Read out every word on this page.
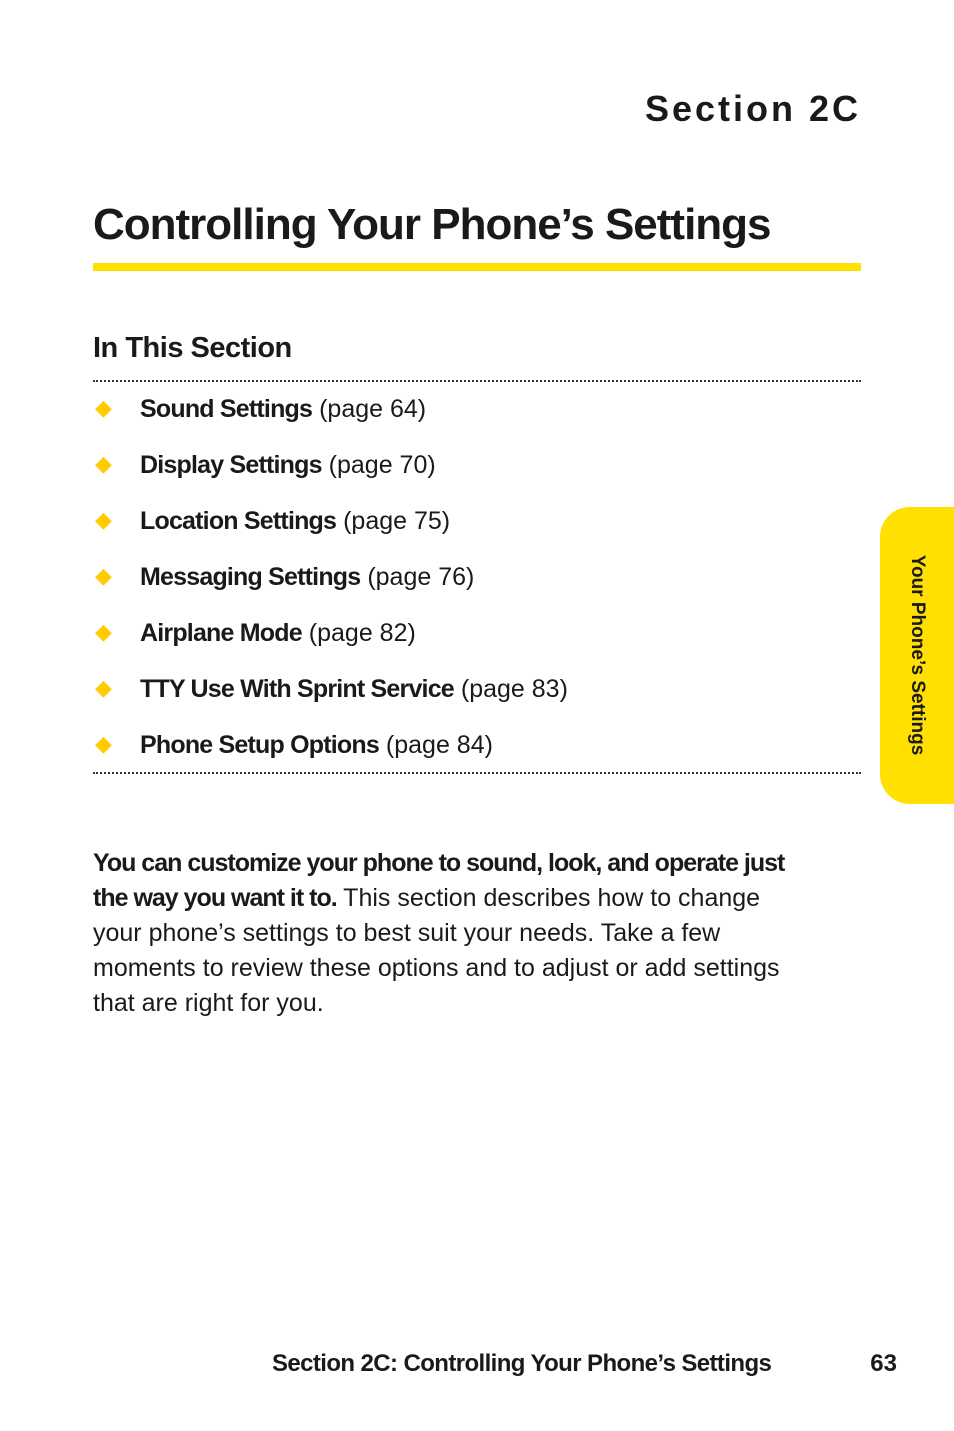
Section 2C
Controlling Your Phone’s Settings
In This Section
◆ Sound Settings (page 64)
◆ Display Settings (page 70)
◆ Location Settings (page 75)
◆ Messaging Settings (page 76)
◆ Airplane Mode (page 82)
◆ TTY Use With Sprint Service (page 83)
◆ Phone Setup Options (page 84)

You can customize your phone to sound, look, and operate just the way you want it to. This section describes how to change your phone’s settings to best suit your needs. Take a few moments to review these options and to adjust or add settings that are right for you.

Your Phone’s Settings
Section 2C: Controlling Your Phone’s Settings	63
